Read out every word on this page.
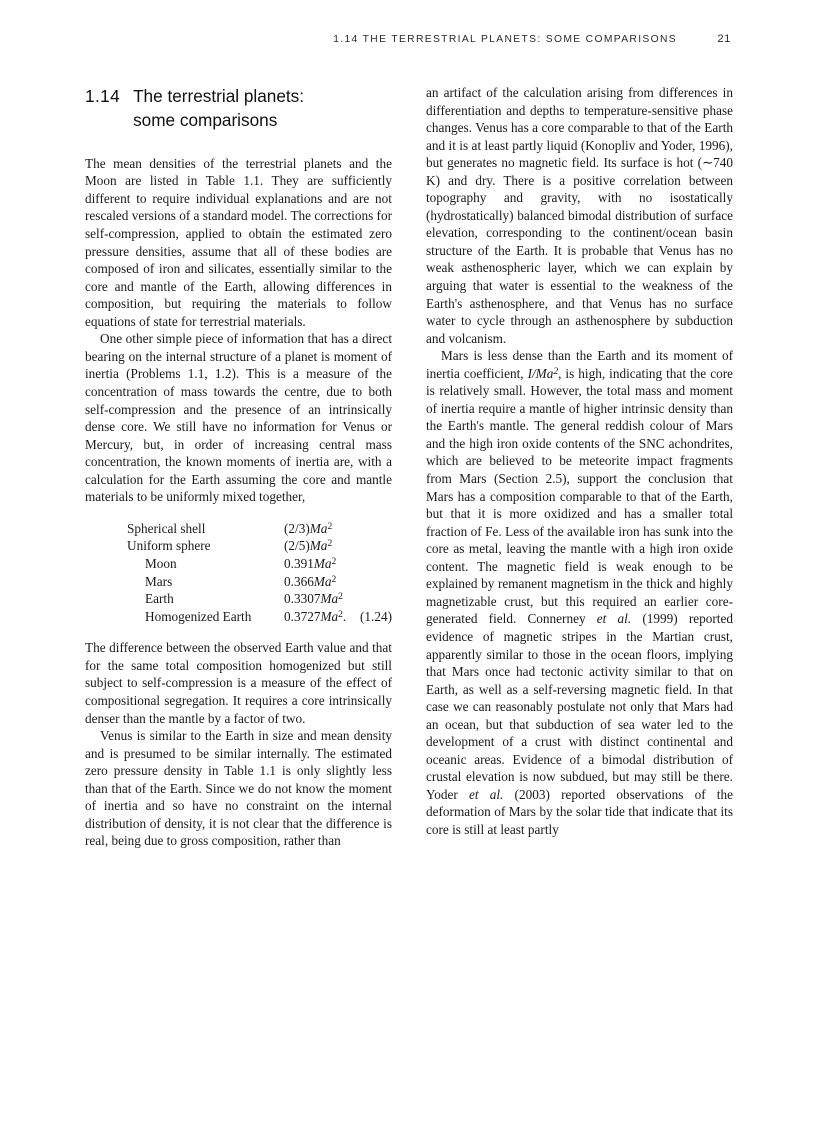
1.14 THE TERRESTRIAL PLANETS: SOME COMPARISONS	21
1.14 The terrestrial planets:
some comparisons

The mean densities of the terrestrial planets and the Moon are listed in Table 1.1. They are sufficiently different to require individual explanations and are not rescaled versions of a standard model. The corrections for self-compression, applied to obtain the estimated zero pressure densities, assume that all of these bodies are composed of iron and silicates, essentially similar to the core and mantle of the Earth, allowing differences in composition, but requiring the materials to follow equations of state for terrestrial materials.

One other simple piece of information that has a direct bearing on the internal structure of a planet is moment of inertia (Problems 1.1, 1.2). This is a measure of the concentration of mass towards the centre, due to both self-compression and the presence of an intrinsically dense core. We still have no information for Venus or Mercury, but, in order of increasing central mass concentration, the known moments of inertia are, with a calculation for the Earth assuming the core and mantle materials to be uniformly mixed together,

Spherical shell	(2/3)Ma$^2$
Uniform sphere	(2/5)Ma$^2$
Moon	0.391Ma$^2$
Mars	0.366Ma$^2$
Earth	0.3307Ma$^2$
Homogenized Earth	0.3727Ma$^2$. (1.24)

The difference between the observed Earth value and that for the same total composition homogenized but still subject to self-compression is a measure of the effect of compositional segregation. It requires a core intrinsically denser than the mantle by a factor of two.

Venus is similar to the Earth in size and mean density and is presumed to be similar internally. The estimated zero pressure density in Table 1.1 is only slightly less than that of the Earth. Since we do not know the moment of inertia and so have no constraint on the internal distribution of density, it is not clear that the difference is real, being due to gross composition, rather than

an artifact of the calculation arising from differences in differentiation and depths to temperature-sensitive phase changes. Venus has a core comparable to that of the Earth and it is at least partly liquid (Konopliv and Yoder, 1996), but generates no magnetic field. Its surface is hot (∼740 K) and dry. There is a positive correlation between topography and gravity, with no isostatically (hydrostatically) balanced bimodal distribution of surface elevation, corresponding to the continent/ocean basin structure of the Earth. It is probable that Venus has no weak asthenospheric layer, which we can explain by arguing that water is essential to the weakness of the Earth's asthenosphere, and that Venus has no surface water to cycle through an asthenosphere by subduction and volcanism.

Mars is less dense than the Earth and its moment of inertia coefficient, I/Ma$^2$, is high, indicating that the core is relatively small. However, the total mass and moment of inertia require a mantle of higher intrinsic density than the Earth's mantle. The general reddish colour of Mars and the high iron oxide contents of the SNC achondrites, which are believed to be meteorite impact fragments from Mars (Section 2.5), support the conclusion that Mars has a composition comparable to that of the Earth, but that it is more oxidized and has a smaller total fraction of Fe. Less of the available iron has sunk into the core as metal, leaving the mantle with a high iron oxide content. The magnetic field is weak enough to be explained by remanent magnetism in the thick and highly magnetizable crust, but this required an earlier core-generated field. Connerney et al. (1999) reported evidence of magnetic stripes in the Martian crust, apparently similar to those in the ocean floors, implying that Mars once had tectonic activity similar to that on Earth, as well as a self-reversing magnetic field. In that case we can reasonably postulate not only that Mars had an ocean, but that subduction of sea water led to the development of a crust with distinct continental and oceanic areas. Evidence of a bimodal distribution of crustal elevation is now subdued, but may still be there. Yoder et al. (2003) reported observations of the deformation of Mars by the solar tide that indicate that its core is still at least partly
